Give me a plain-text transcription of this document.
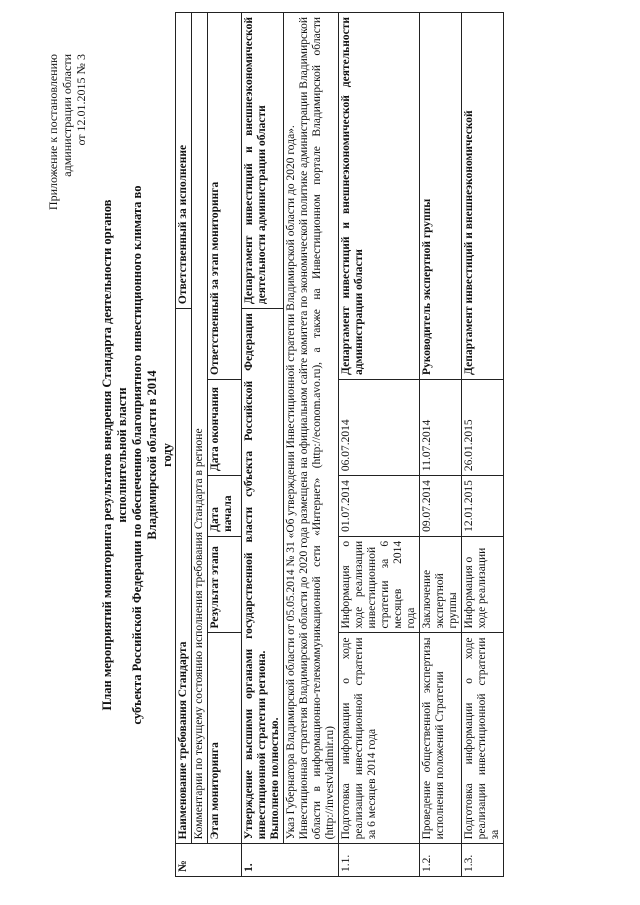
Приложение к постановлению администрации области от 12.01.2015 № 3
План мероприятий мониторинга результатов внедрения Стандарта деятельности органов исполнительной власти субъекта Российской Федерации по обеспечению благоприятного инвестиционного климата во Владимирской области в 2014 году
№	Наименование требования Стандарта					Ответственный за исполнение
	Комментарии по текущему состоянию исполнения требования Стандарта в регионе					
	Этап мониторинга	Результат этапа	Дата начала	Дата окончания	Ответственный за этап мониторинга	
1.	Утверждение высшими органами государственной власти субъекта Российской Федерации инвестиционной стратегии региона. Выполнено полностью.					Департамент инвестиций и внешнеэкономической деятельности администрации области

	Указ Губернатора Владимирской области от 05.05.2014 № 31 «Об утверждении Инвестиционной стратегии Владимирской области до 2020 года». Инвестиционная стратегия Владимирской области до 2020 года размещена на официальном сайте комитета по экономической политике администрации Владимирской области в информационно-телекоммуникационной сети «Интернет» (http://econom.avo.ru), а также на Инвестиционном портале Владимирской области (http://investvladimir.ru)					

1.1.	Подготовка информации о ходе реализации инвестиционной стратегии за 6 месяцев 2014 года	Информация о ходе реализации инвестиционной стратегии за 6 месяцев 2014 года	01.07.2014	06.07.2014	Департамент инвестиций и внешнеэкономической деятельности администрации области	
1.2.	Проведение общественной экспертизы исполнения положений Стратегии	Заключение экспертной группы	09.07.2014	11.07.2014	Руководитель экспертной группы	
1.3.	Подготовка информации о ходе реализации инвестиционной стратегии за	Информация о ходе реализации	12.01.2015	26.01.2015	Департамент инвестиций и внешнеэкономической	
